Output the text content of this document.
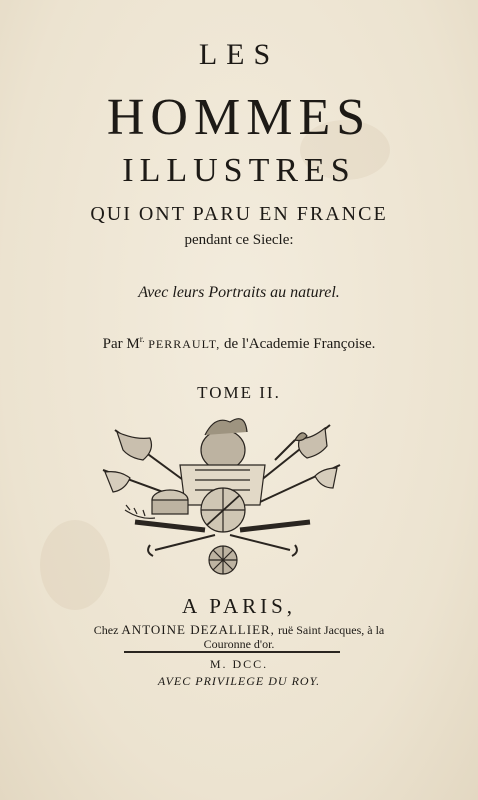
LES
HOMMES
ILLUSTRES
QUI ONT PARU EN FRANCE
pendant ce Siecle:
Avec leurs Portraits au naturel.
Par $M^{r.}$ PERRAULT, de l'Academie Françoise.
TOME II.
A PARIS,
Chez ANTOINE DEZALLIER, ruë Saint Jacques, à la
Couronne d'or.
M. DCC.
AVEC PRIVILEGE DU ROY.
